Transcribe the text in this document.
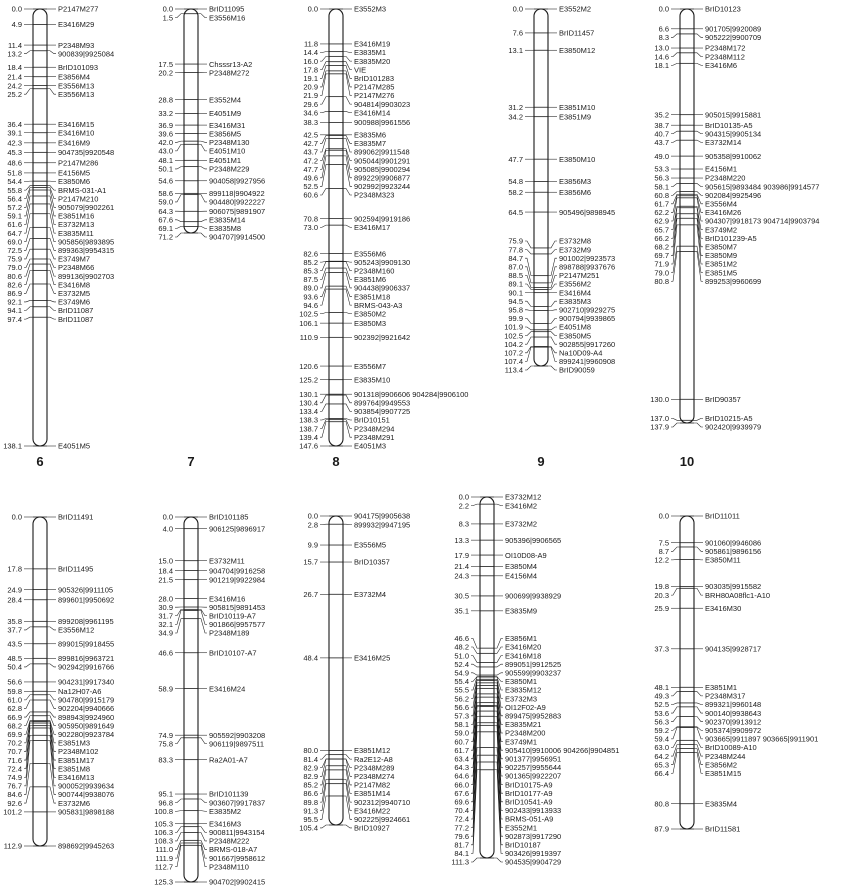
6
0.0	P2147M277
4.9	E3416M29
11.4	P2348M93
13.2	900839|9925084
18.4	BrID101093
21.4	E3856M4
24.2	E3556M13
25.2	E3556M13
36.4	E3416M15
39.1	E3416M10
42.3	E3416M9
45.3	904735|9920548
48.6	P2147M286
51.8	E4156M5
54.4	E3850M6
55.8	BRMS-031-A1
56.4	P2147M210
57.2	905079|9902261
59.1	E3851M16
61.6	E3732M13
64.7	E3835M11
69.0	905856|9893895
72.5	899363|9954315
75.9	E3749M7
79.0	P2348M66
80.6	899136|9902703
82.6	E3416M8
86.9	E3732M5
92.1	E3749M6
94.1	BrID11087
97.4	BrID11087
138.1	E4051M5
7
0.0	BrID11095
1.5	E3556M16
17.5	Chsssr13-A2
20.2	P2348M272
28.8	E3552M4
33.2	E4051M9
36.9	E3416M31
39.6	E3856M5
42.0	P2348M130
43.0	E4051M10
48.1	E4051M1
50.1	P2348M229
54.6	904058|9927956
58.6	899118|9904922
59.0	904480|9922227
64.3	906075|9891907
67.6	E3835M14
69.1	E3835M8
71.2	904707|9914500
8
0.0	E3552M3
11.8	E3416M19
14.4	E3835M1
16.0	E3835M20
17.8	VIE
19.1	BrID101283
20.9	P2147M285
21.9	P2147M276
29.6	904814|9903023
34.6	E3416M14
38.3	900988|9961556
42.5	E3835M6
42.7	E3835M7
43.7	899062|9911548
47.2	905044|9901291
47.7	905085|9900294
49.6	899229|9906877
52.5	902992|9923244
60.6	P2348M323
70.8	902594|9919186
73.0	E3416M17
82.6	E3556M6
85.2	905243|9909130
85.3	P2348M160
87.5	E3851M6
89.0	904438|9906337
93.6	E3851M18
94.6	BRMS-043-A3
102.5	E3850M2
106.1	E3850M3
110.9	902392|9921642
120.6	E3556M7
125.2	E3835M10
130.1	901318|9906606 904284|9906100
130.4	899764|9949553
133.4	903854|9907725
138.3	BrID10151
138.7	P2348M294
139.4	P2348M291
147.6	E4051M3
9
0.0	E3552M2
7.6	BrID11457
13.1	E3850M12
31.2	E3851M10
34.2	E3851M9
47.7	E3850M10
54.8	E3856M3
58.2	E3856M6
64.5	905496|9898945
75.9	E3732M8
77.8	E3732M9
84.7	901002|9923573
87.0	898788|9937676
88.5	P2147M251
89.1	E3556M2
90.1	E3416M4
94.5	E3835M3
95.8	902710|9929275
99.9	900794|9939865
101.9	E4051M8
102.5	E3850M5
104.2	902855|9917260
107.2	Na10D09-A4
107.4	899241|9960908
113.4	BrID90059
10
0.0	BrID10123
6.6	901705|9920089
8.3	905222|9900709
13.0	P2348M172
14.6	P2348M112
18.1	E3416M6
35.2	905015|9915881
38.7	BrID10135-A5
40.7	904315|9905134
43.7	E3732M14
49.0	905358|9910062
53.3	E4156M1
56.3	P2348M220
58.1	905615|9893484 903986|9914577
60.8	902084|9925496
61.7	E3556M4
62.2	E3416M26
62.9	904307|9918173 904714|9903794
65.7	E3749M2
66.2	BrID101239-A5
68.2	E3850M7
69.7	E3850M9
71.9	E3851M2
79.0	E3851M5
80.8	899253|9960699
130.0	BrID90357
137.0	BrID10215-A5
137.9	902420|9939979
0.0	BrID11491
17.8	BrID11495
24.9	905326|9911105
28.4	899601|9950692
35.8	899208|9961195
37.7	E3556M12
43.5	899015|9918455
48.5	899816|9963721
50.4	902942|9916766
56.6	904231|9917340
59.8	Na12H07-A6
61.0	904780|9915179
62.8	902204|9940666
66.9	898943|9924960
68.2	905950|9891649
69.9	902280|9923784
70.2	E3851M3
70.7	P2348M102
71.6	E3851M17
72.4	E3851M8
74.9	E3416M13
76.7	900052|9939634
84.6	900744|9938076
92.6	E3732M6
101.2	905831|9898188
112.9	898692|9945263
0.0	BrID101185
4.0	906125|9896917
15.0	E3732M11
18.4	904704|9916258
21.5	901219|9922984
28.0	E3416M16
30.9	905815|9891453
31.7	BrID10119-A7
32.1	901866|9957577
34.9	P2348M189
46.6	BrID10107-A7
58.9	E3416M24
74.9	905592|9903208
75.8	906119|9897511
83.3	Ra2A01-A7
95.1	BrID101139
96.8	903607|9917837
100.8	E3835M2
105.3	E3416M3
106.3	900811|9943154
108.3	P2348M222
111.0	BRMS-018-A7
111.9	901667|9958612
112.7	P2348M110
125.3	904702|9902415
0.0	904175|9905638
2.8	899932|9947195
9.9	E3556M5
15.7	BrID10357
26.7	E3732M4
48.4	E3416M25
80.0	E3851M12
81.4	Ra2E12-A8
82.9	P2348M289
82.9	P2348M274
85.2	P2147M82
86.6	E3851M14
89.8	902312|9940710
91.3	E3416M22
95.5	902225|9924661
105.4	BrID10927
0.0	E3732M12
2.2	E3416M2
8.3	E3732M2
13.3	905396|9906565
17.9	OI10D08-A9
21.4	E3850M4
24.3	E4156M4
30.5	900699|9938929
35.1	E3835M9
46.6	E3856M1
48.2	E3416M20
51.0	E3416M18
52.4	899051|9912525
54.9	905599|9903237
55.4	E3850M1
55.5	E3835M12
56.2	E3732M3
56.6	OI12F02-A9
57.3	899475|9952883
58.1	E3835M21
59.0	P2348M200
60.7	E3749M1
61.7	905410|9910006 904266|9904851
63.4	901377|9956951
64.3	902257|9955644
64.6	901365|9922207
66.0	BrID10175-A9
67.6	BrID10177-A9
69.6	BrID10541-A9
70.4	902433|9913933
72.4	BRMS-051-A9
77.2	E3552M1
79.6	902873|9917290
81.7	BrID10187
84.1	903426|9919397
111.3	904535|9904729
0.0	BrID11011
7.5	901060|9946086
8.7	905861|9896156
12.2	E3850M11
19.8	903035|9915582
20.3	BRH80A08flc1-A10
25.9	E3416M30
37.3	904135|9928717
48.1	E3851M1
49.3	P2348M317
52.5	899321|9960148
53.6	900140|9938643
56.3	902370|9913912
59.2	905374|9909972
59.4	903665|9911897 903665|9911901
63.0	BrID10089-A10
64.2	P2348M244
65.3	E3856M2
66.4	E3851M15
80.8	E3835M4
87.9	BrID11581
